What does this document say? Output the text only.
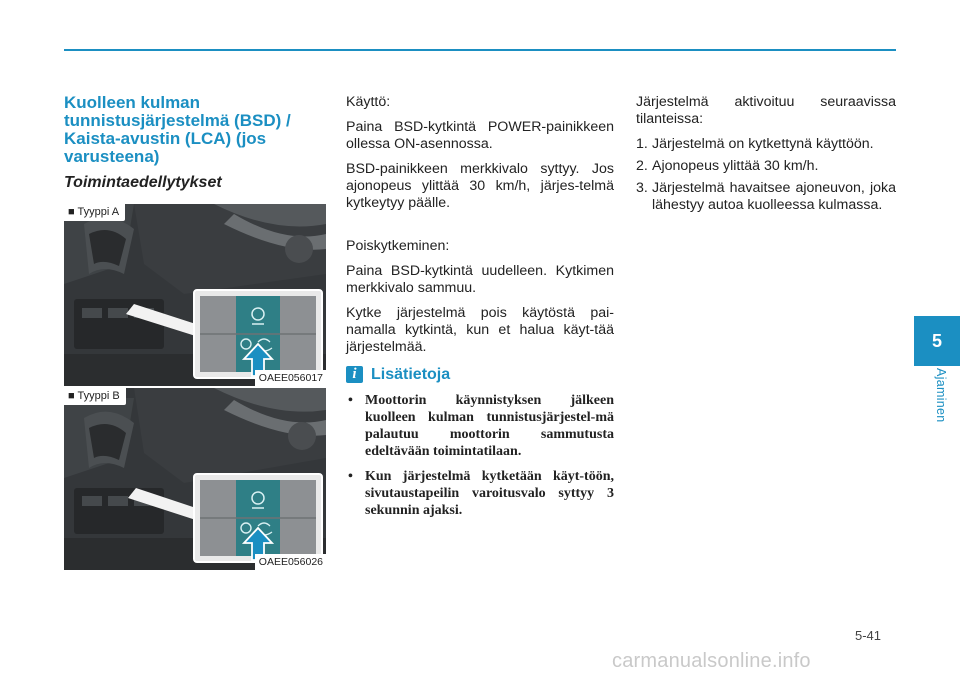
Kuolleen kulman tunnistusjärjestelmä (BSD) / Kaista-avustin (LCA) (jos varusteena)
Toimintaedellytykset
■ Tyyppi A
OAEE056017
■ Tyyppi B
OAEE056026

Käyttö:

Paina BSD-kytkintä POWER-painikkeen ollessa ON-asennossa.

BSD-painikkeen merkkivalo syttyy. Jos ajonopeus ylittää 30 km/h, järjes-telmä kytkeytyy päälle.

Poiskytkeminen:

Paina BSD-kytkintä uudelleen. Kytkimen merkkivalo sammuu.

Kytke järjestelmä pois käytöstä pai-namalla kytkintä, kun et halua käyt-tää järjestelmää.

i Lisätietoja
• Moottorin käynnistyksen jälkeen kuolleen kulman tunnistusjärjestel-mä palautuu moottorin sammutusta edeltävään toimintatilaan.
• Kun järjestelmä kytketään käyt-töön, sivutaustapeilin varoitusvalo syttyy 3 sekunnin ajaksi.

Järjestelmä aktivoituu seuraavissa tilanteissa:

1. Järjestelmä on kytkettynä käyttöön.
2. Ajonopeus ylittää 30 km/h.
3. Järjestelmä havaitsee ajoneuvon, joka lähestyy autoa kuolleessa kulmassa.
5
Ajaminen
5-41
carmanualsonline.info
